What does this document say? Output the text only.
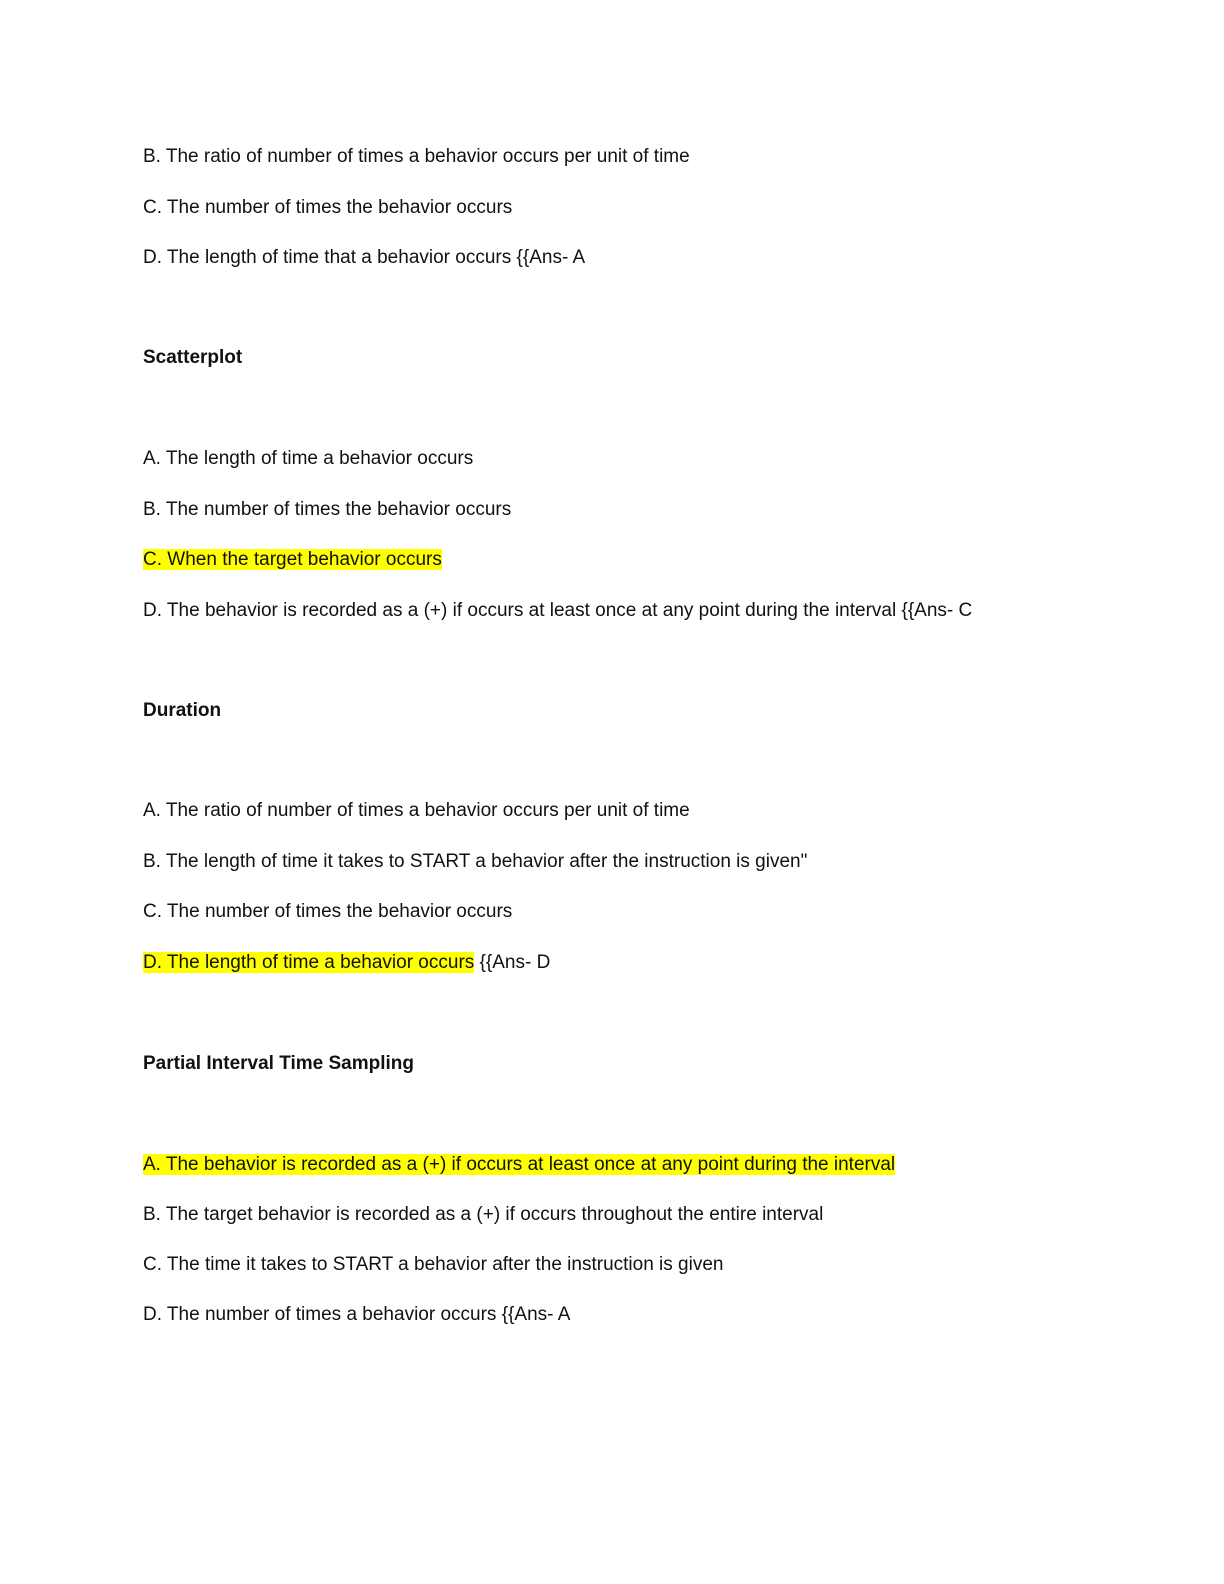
B. The ratio of number of times a behavior occurs per unit of time
C. The number of times the behavior occurs
D. The length of time that a behavior occurs {{Ans- A
Scatterplot
A. The length of time a behavior occurs
B. The number of times the behavior occurs
C. When the target behavior occurs
D. The behavior is recorded as a (+) if occurs at least once at any point during the interval {{Ans- C
Duration
A. The ratio of number of times a behavior occurs per unit of time
B. The length of time it takes to START a behavior after the instruction is given"
C. The number of times the behavior occurs
D. The length of time a behavior occurs {{Ans- D
Partial Interval Time Sampling
A. The behavior is recorded as a (+) if occurs at least once at any point during the interval
B. The target behavior is recorded as a (+) if occurs throughout the entire interval
C. The time it takes to START a behavior after the instruction is given
D. The number of times a behavior occurs {{Ans- A
